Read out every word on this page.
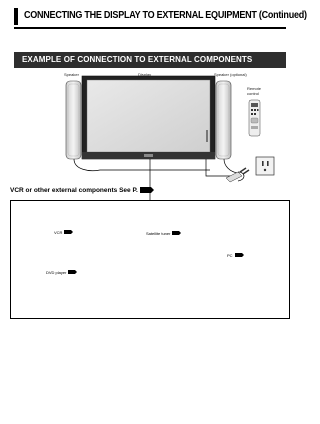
CONNECTING THE DISPLAY TO EXTERNAL EQUIPMENT (Continued)
EXAMPLE OF CONNECTION TO EXTERNAL COMPONENTS
Speaker	Display	Speaker (optional)
Remote control
VCR or other external components See P.
VCR	Satellite tuner
PC
DVD player
